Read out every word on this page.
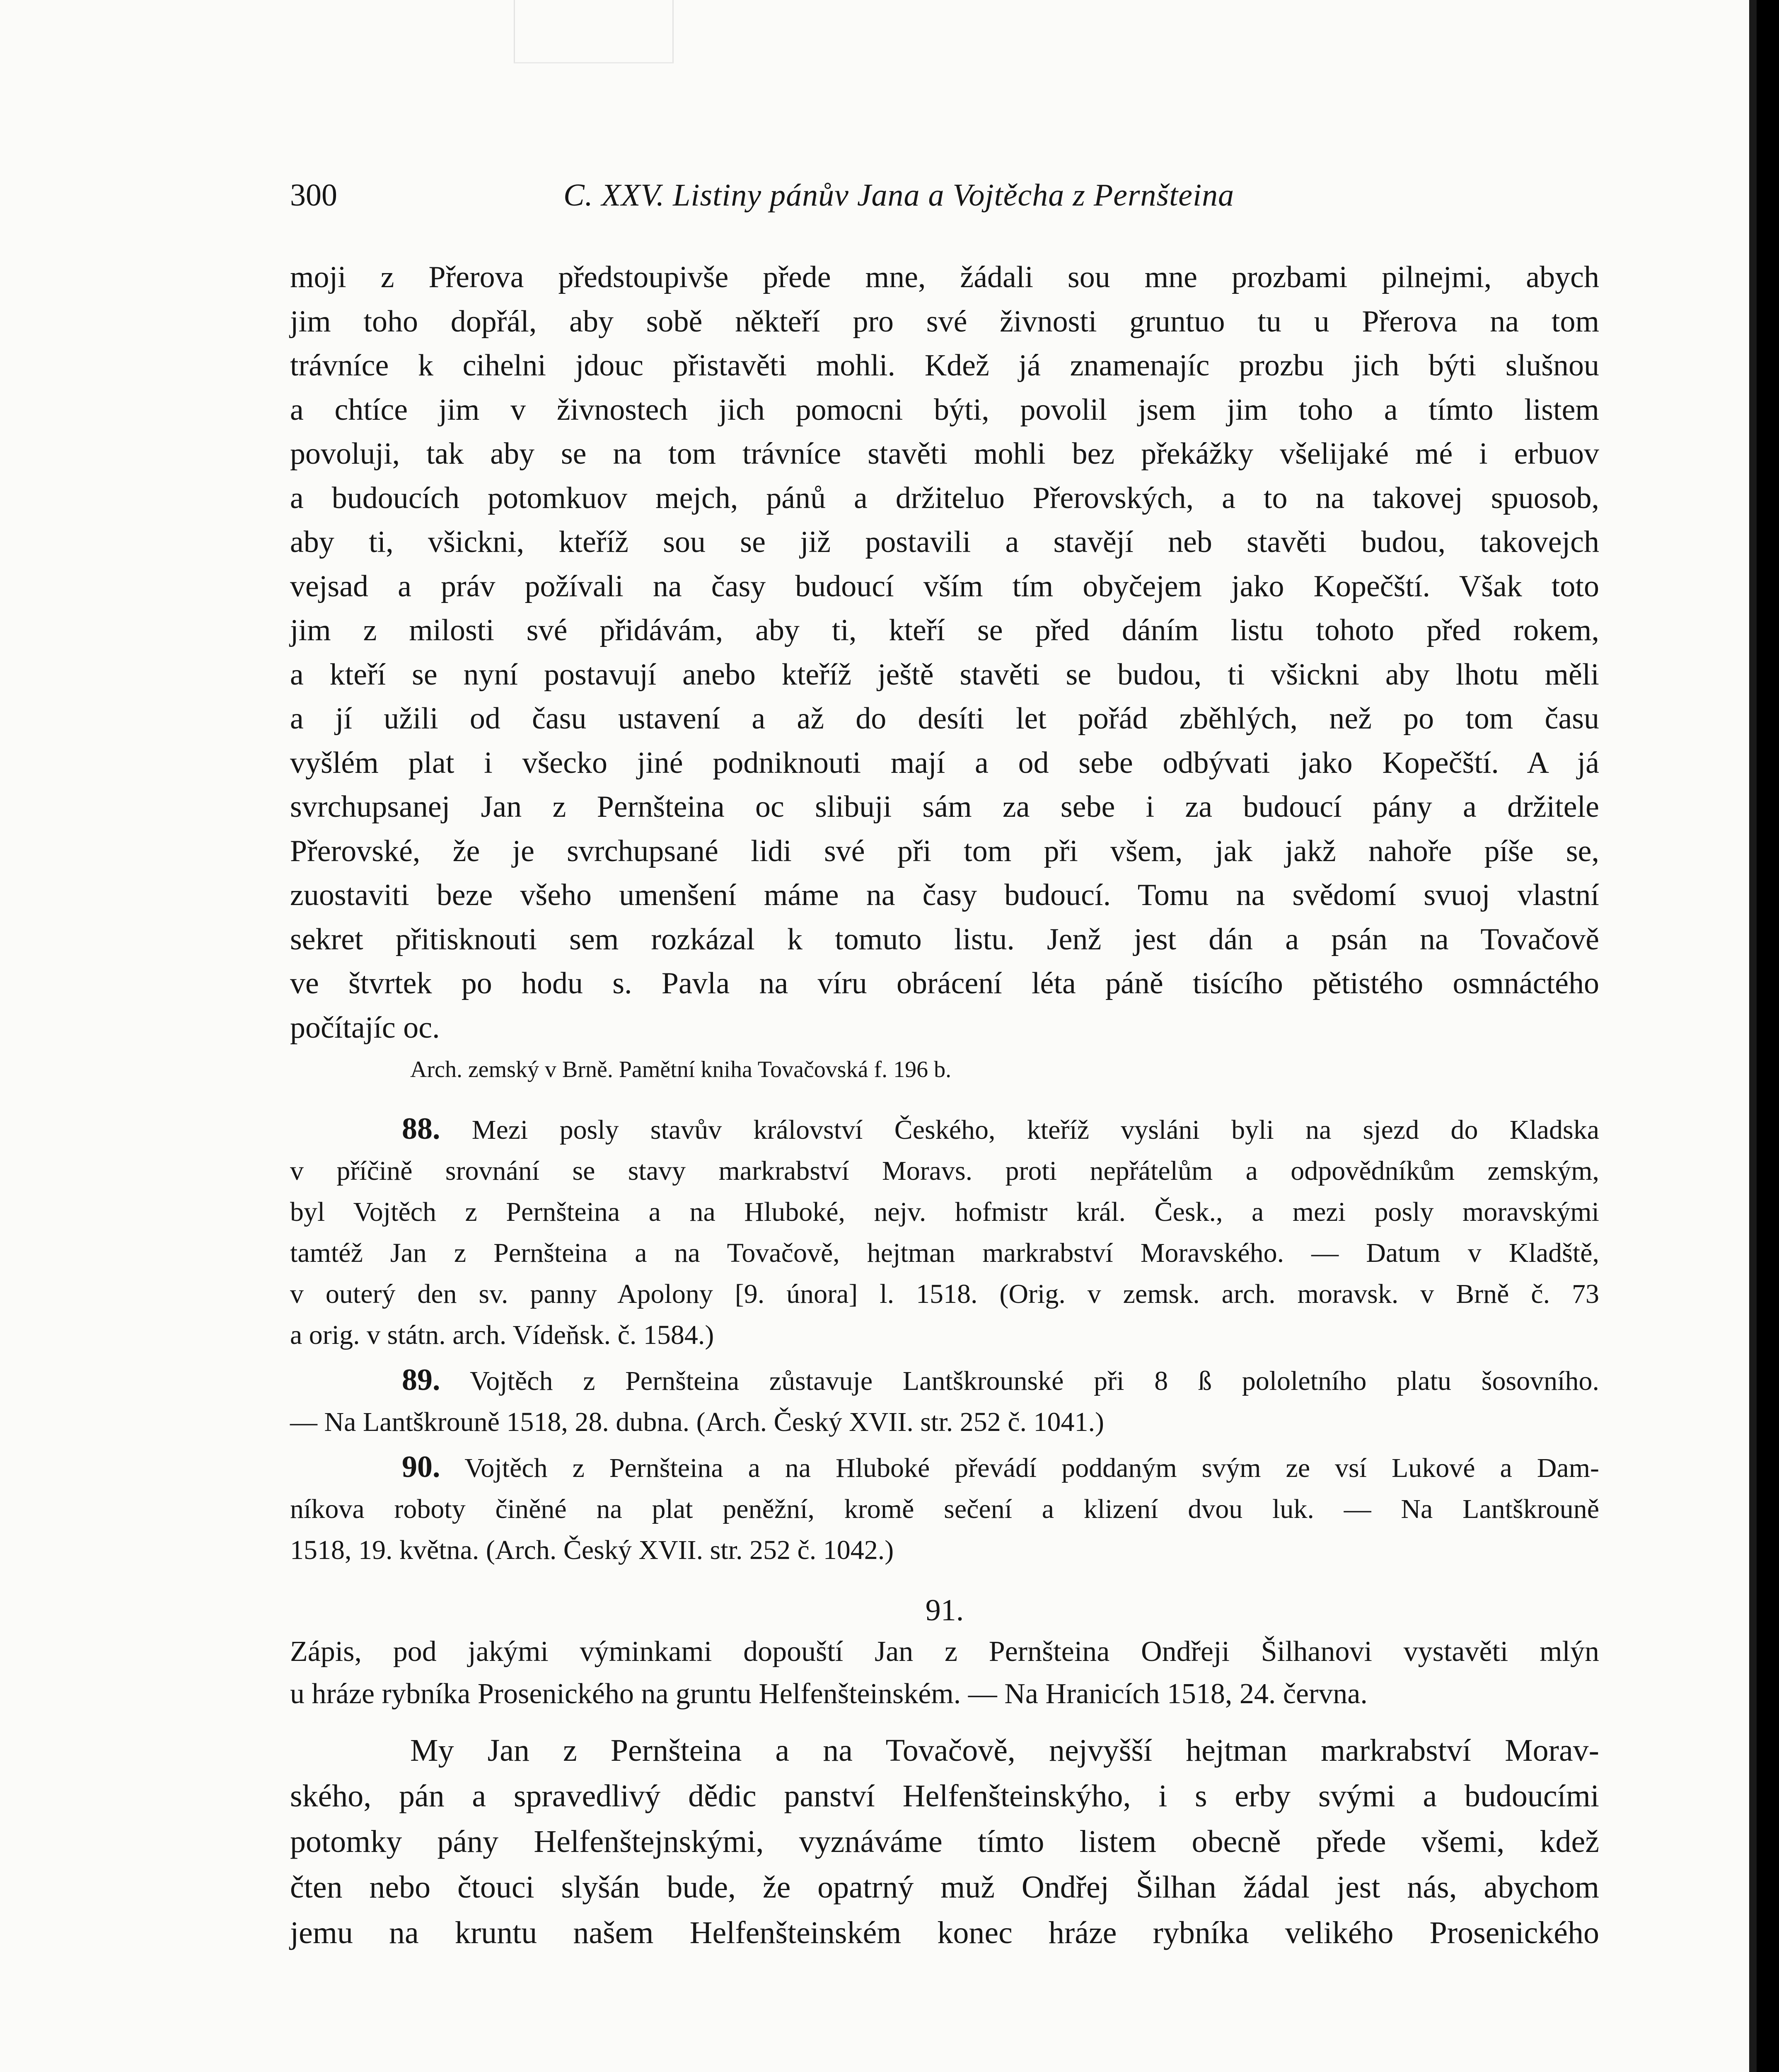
300	C. XXV. Listiny pánův Jana a Vojtěcha z Pernšteina
moji z Přerova předstoupivše přede mne, žádali sou mne prozbami pilnejmi, abych
jim toho dopřál, aby sobě někteří pro své živnosti gruntuo tu u Přerova na tom
trávníce k cihelni jdouc přistavěti mohli. Kdež já znamenajíc prozbu jich býti slušnou
a chtíce jim v živnostech jich pomocni býti, povolil jsem jim toho a tímto listem
povoluji, tak aby se na tom trávníce stavěti mohli bez překážky všelijaké mé i erbuov
a budoucích potomkuov mejch, pánů a držiteluo Přerovských, a to na takovej spuosob,
aby ti, všickni, kteříž sou se již postavili a stavějí neb stavěti budou, takovejch
vejsad a práv požívali na časy budoucí vším tím obyčejem jako Kopečští. Však toto
jim z milosti své přidávám, aby ti, kteří se před dáním listu tohoto před rokem,
a kteří se nyní postavují anebo kteříž ještě stavěti se budou, ti všickni aby lhotu měli
a jí užili od času ustavení a až do desíti let pořád zběhlých, než po tom času
vyšlém plat i všecko jiné podniknouti mají a od sebe odbývati jako Kopečští. A já
svrchupsanej Jan z Pernšteina oc slibuji sám za sebe i za budoucí pány a držitele
Přerovské, že je svrchupsané lidi své při tom při všem, jak jakž nahoře píše se,
zuostaviti beze všeho umenšení máme na časy budoucí. Tomu na svědomí svuoj vlastní
sekret přitisknouti sem rozkázal k tomuto listu. Jenž jest dán a psán na Tovačově
ve štvrtek po hodu s. Pavla na víru obrácení léta páně tisícího pětistého osmnáctého
počítajíc oc.
Arch. zemský v Brně. Pamětní kniha Tovačovská f. 196 b.
88. Mezi posly stavův království Českého, kteříž vysláni byli na sjezd do Kladska
v příčině srovnání se stavy markrabství Moravs. proti nepřátelům a odpovědníkům zemským,
byl Vojtěch z Pernšteina a na Hluboké, nejv. hofmistr král. Česk., a mezi posly moravskými
tamtéž Jan z Pernšteina a na Tovačově, hejtman markrabství Moravského. — Datum v Kladště,
v outerý den sv. panny Apolony [9. února] l. 1518. (Orig. v zemsk. arch. moravsk. v Brně č. 73
a orig. v státn. arch. Vídeňsk. č. 1584.)
89. Vojtěch z Pernšteina zůstavuje Lantškrounské při 8 ß pololetního platu šosovního.
— Na Lantškrouně 1518, 28. dubna. (Arch. Český XVII. str. 252 č. 1041.)
90. Vojtěch z Pernšteina a na Hluboké převádí poddaným svým ze vsí Lukové a Dam-
níkova roboty činěné na plat peněžní, kromě sečení a klizení dvou luk. — Na Lantškrouně
1518, 19. května. (Arch. Český XVII. str. 252 č. 1042.)
91.
Zápis, pod jakými výminkami dopouští Jan z Pernšteina Ondřeji Šilhanovi vystavěti mlýn
u hráze rybníka Prosenického na gruntu Helfenšteinském. — Na Hranicích 1518, 24. června.
My Jan z Pernšteina a na Tovačově, nejvyšší hejtman markrabství Morav-
ského, pán a spravedlivý dědic panství Helfenšteinskýho, i s erby svými a budoucími
potomky pány Helfenštejnskými, vyznáváme tímto listem obecně přede všemi, kdež
čten nebo čtouci slyšán bude, že opatrný muž Ondřej Šilhan žádal jest nás, abychom
jemu na kruntu našem Helfenšteinském konec hráze rybníka velikého Prosenického
